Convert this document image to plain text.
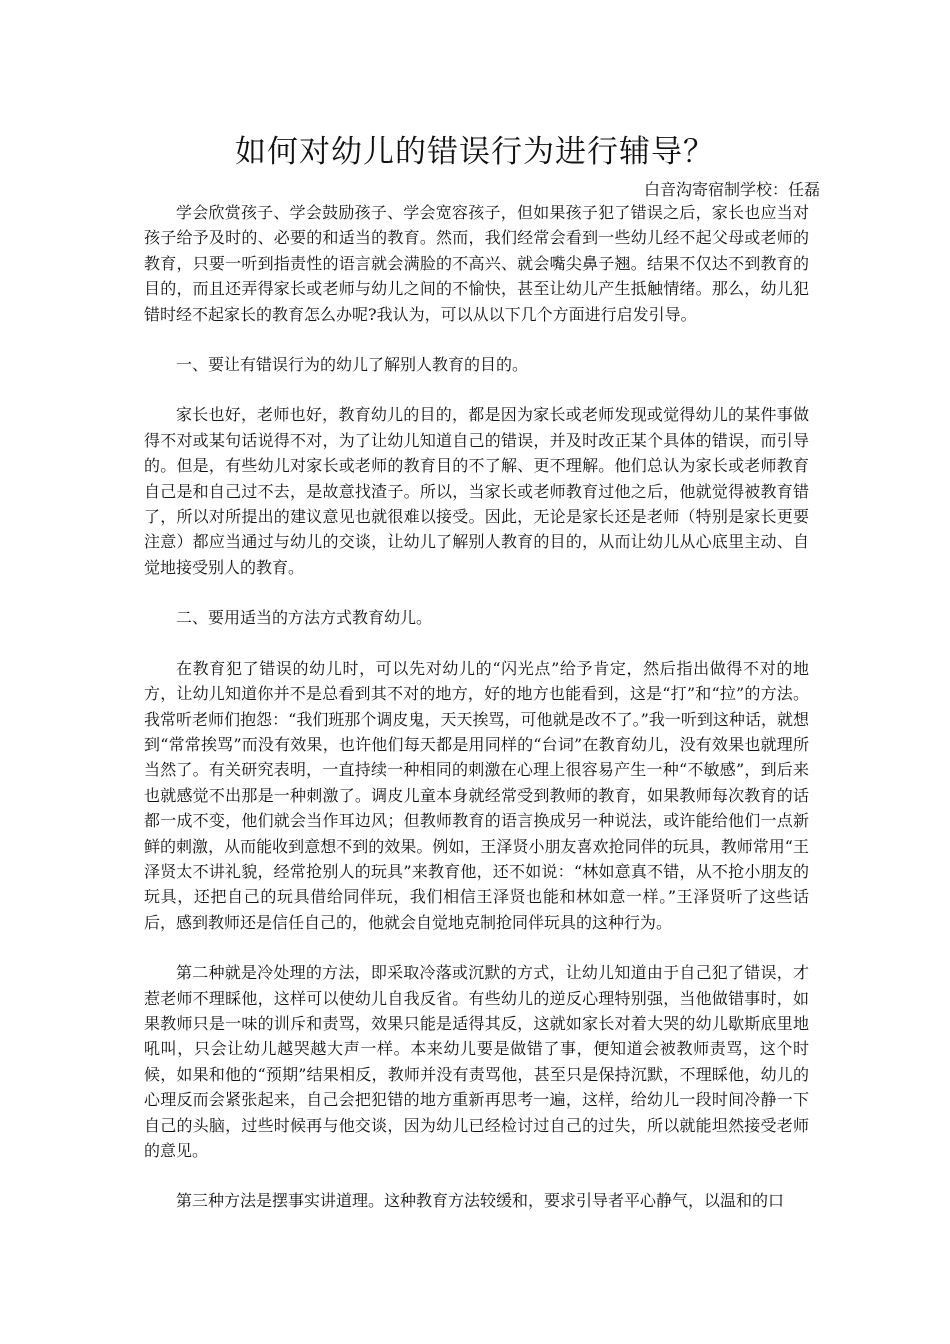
如何对幼儿的错误行为进行辅导？
白音沟寄宿制学校：任磊

学会欣赏孩子、学会鼓励孩子、学会宽容孩子，但如果孩子犯了错误之后，家长也应当对孩子给予及时的、必要的和适当的教育。然而，我们经常会看到一些幼儿经不起父母或老师的教育，只要一听到指责性的语言就会满脸的不高兴、就会嘴尖鼻子翘。结果不仅达不到教育的目的，而且还弄得家长或老师与幼儿之间的不愉快，甚至让幼儿产生抵触情绪。那么，幼儿犯错时经不起家长的教育怎么办呢?我认为，可以从以下几个方面进行启发引导。

一、要让有错误行为的幼儿了解别人教育的目的。

家长也好，老师也好，教育幼儿的目的，都是因为家长或老师发现或觉得幼儿的某件事做得不对或某句话说得不对，为了让幼儿知道自己的错误，并及时改正某个具体的错误，而引导的。但是，有些幼儿对家长或老师的教育目的不了解、更不理解。他们总认为家长或老师教育自己是和自己过不去，是故意找渣子。所以，当家长或老师教育过他之后，他就觉得被教育错了，所以对所提出的建议意见也就很难以接受。因此，无论是家长还是老师（特别是家长更要注意）都应当通过与幼儿的交谈，让幼儿了解别人教育的目的，从而让幼儿从心底里主动、自觉地接受别人的教育。

二、要用适当的方法方式教育幼儿。

在教育犯了错误的幼儿时，可以先对幼儿的“闪光点”给予肯定，然后指出做得不对的地方，让幼儿知道你并不是总看到其不对的地方，好的地方也能看到，这是“打”和“拉”的方法。我常听老师们抱怨：“我们班那个调皮鬼，天天挨骂，可他就是改不了。”我一听到这种话，就想到“常常挨骂”而没有效果，也许他们每天都是用同样的“台词”在教育幼儿，没有效果也就理所当然了。有关研究表明，一直持续一种相同的刺激在心理上很容易产生一种“不敏感”，到后来也就感觉不出那是一种刺激了。调皮儿童本身就经常受到教师的教育，如果教师每次教育的话都一成不变，他们就会当作耳边风；但教师教育的语言换成另一种说法，或许能给他们一点新鲜的刺激，从而能收到意想不到的效果。例如，王泽贤小朋友喜欢抢同伴的玩具，教师常用“王泽贤太不讲礼貌，经常抢别人的玩具”来教育他，还不如说：“林如意真不错，从不抢小朋友的玩具，还把自己的玩具借给同伴玩，我们相信王泽贤也能和林如意一样。”王泽贤听了这些话后，感到教师还是信任自己的，他就会自觉地克制抢同伴玩具的这种行为。

第二种就是冷处理的方法，即采取冷落或沉默的方式，让幼儿知道由于自己犯了错误，才惹老师不理睬他，这样可以使幼儿自我反省。有些幼儿的逆反心理特别强，当他做错事时，如果教师只是一味的训斥和责骂，效果只能是适得其反，这就如家长对着大哭的幼儿歇斯底里地吼叫，只会让幼儿越哭越大声一样。本来幼儿要是做错了事，便知道会被教师责骂，这个时候，如果和他的“预期”结果相反，教师并没有责骂他，甚至只是保持沉默，不理睬他，幼儿的心理反而会紧张起来，自己会把犯错的地方重新再思考一遍，这样，给幼儿一段时间冷静一下自己的头脑，过些时候再与他交谈，因为幼儿已经检讨过自己的过失，所以就能坦然接受老师的意见。

第三种方法是摆事实讲道理。这种教育方法较缓和，要求引导者平心静气，以温和的口
